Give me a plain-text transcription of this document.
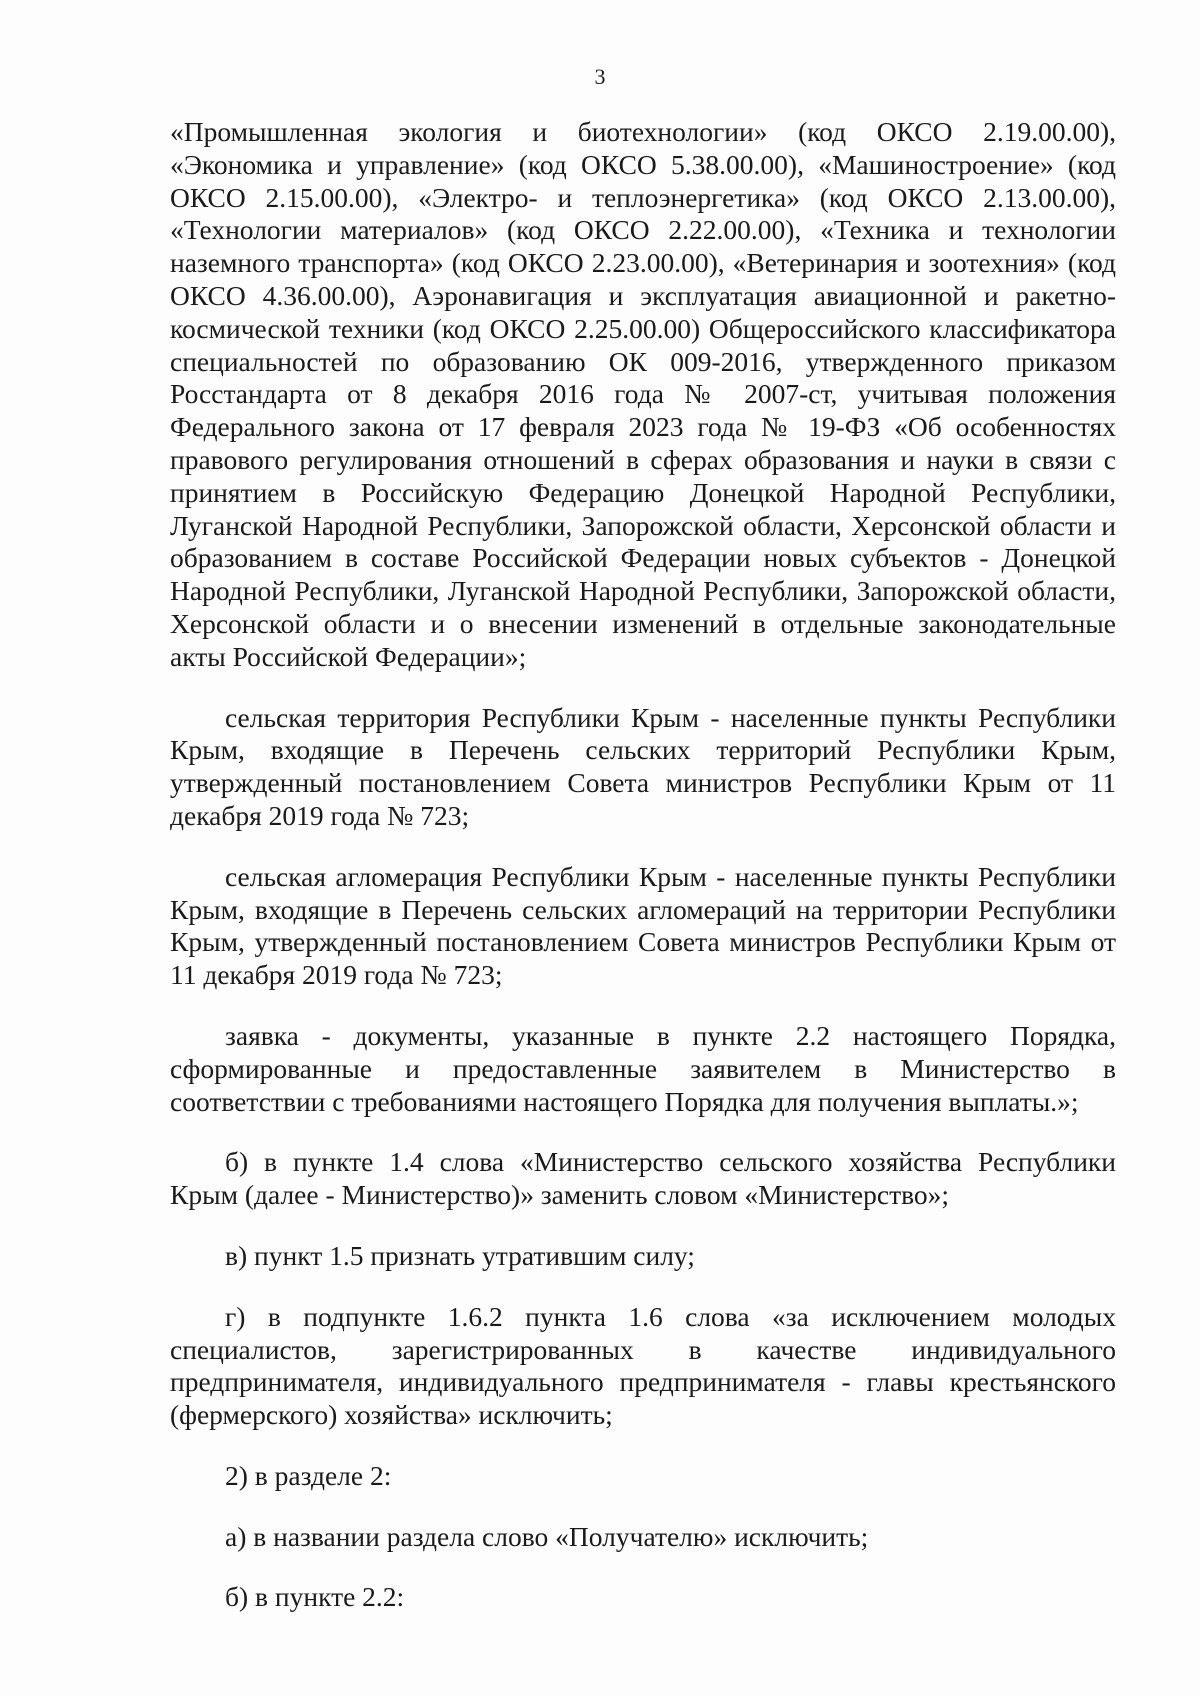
3

«Промышленная экология и биотехнологии» (код ОКСО 2.19.00.00), «Экономика и управление» (код ОКСО 5.38.00.00), «Машиностроение» (код ОКСО 2.15.00.00), «Электро- и теплоэнергетика» (код ОКСО 2.13.00.00), «Технологии материалов» (код ОКСО 2.22.00.00), «Техника и технологии наземного транспорта» (код ОКСО 2.23.00.00), «Ветеринария и зоотехния» (код ОКСО 4.36.00.00), Аэронавигация и эксплуатация авиационной и ракетно-космической техники (код ОКСО 2.25.00.00) Общероссийского классификатора специальностей по образованию ОК 009-2016, утвержденного приказом Росстандарта от 8 декабря 2016 года № 2007-ст, учитывая положения Федерального закона от 17 февраля 2023 года № 19-ФЗ «Об особенностях правового регулирования отношений в сферах образования и науки в связи с принятием в Российскую Федерацию Донецкой Народной Республики, Луганской Народной Республики, Запорожской области, Херсонской области и образованием в составе Российской Федерации новых субъектов - Донецкой Народной Республики, Луганской Народной Республики, Запорожской области, Херсонской области и о внесении изменений в отдельные законодательные акты Российской Федерации»;

сельская территория Республики Крым - населенные пункты Республики Крым, входящие в Перечень сельских территорий Республики Крым, утвержденный постановлением Совета министров Республики Крым от 11 декабря 2019 года № 723;

сельская агломерация Республики Крым - населенные пункты Республики Крым, входящие в Перечень сельских агломераций на территории Республики Крым, утвержденный постановлением Совета министров Республики Крым от 11 декабря 2019 года № 723;

заявка - документы, указанные в пункте 2.2 настоящего Порядка, сформированные и предоставленные заявителем в Министерство в соответствии с требованиями настоящего Порядка для получения выплаты.»;

б) в пункте 1.4 слова «Министерство сельского хозяйства Республики Крым (далее - Министерство)» заменить словом «Министерство»;

в) пункт 1.5 признать утратившим силу;

г) в подпункте 1.6.2 пункта 1.6 слова «за исключением молодых специалистов, зарегистрированных в качестве индивидуального предпринимателя, индивидуального предпринимателя - главы крестьянского (фермерского) хозяйства» исключить;

2) в разделе 2:

а) в названии раздела слово «Получателю» исключить;

б) в пункте 2.2:
